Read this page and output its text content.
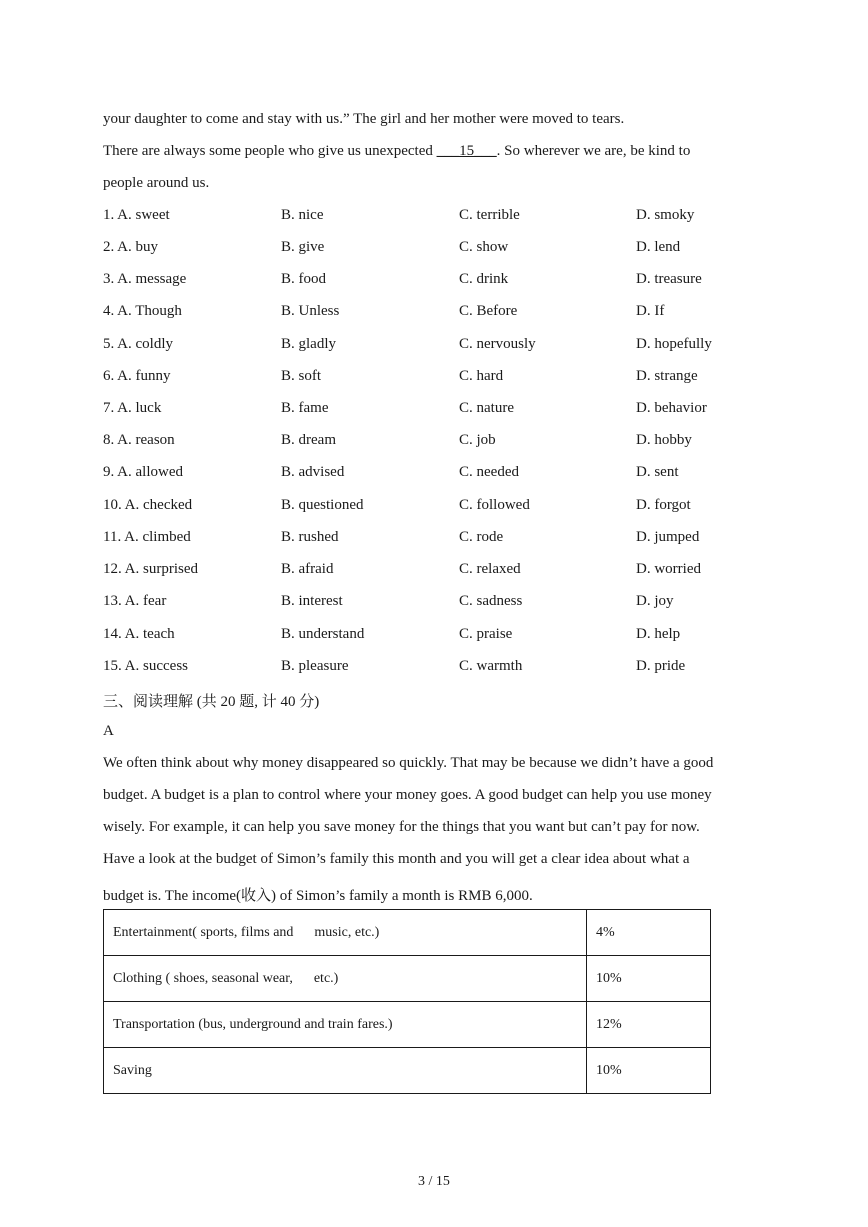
your daughter to come and stay with us.” The girl and her mother were moved to tears.
There are always some people who give us unexpected ___15___. So wherever we are, be kind to
people around us.
1. A. sweet	B. nice	C. terrible	D. smoky
2. A. buy	B. give	C. show	D. lend
3. A. message	B. food	C. drink	D. treasure
4. A. Though	B. Unless	C. Before	D. If
5. A. coldly	B. gladly	C. nervously	D. hopefully
6. A. funny	B. soft	C. hard	D. strange
7. A. luck	B. fame	C. nature	D. behavior
8. A. reason	B. dream	C. job	D. hobby
9. A. allowed	B. advised	C. needed	D. sent
10. A. checked	B. questioned	C. followed	D. forgot
11. A. climbed	B. rushed	C. rode	D. jumped
12. A. surprised	B. afraid	C. relaxed	D. worried
13. A. fear	B. interest	C. sadness	D. joy
14. A. teach	B. understand	C. praise	D. help
15. A. success	B. pleasure	C. warmth	D. pride
三、阅读理解 (共 20 题, 计 40 分)
A
We often think about why money disappeared so quickly. That may be because we didn’t have a good
budget. A budget is a plan to control where your money goes. A good budget can help you use money
wisely. For example, it can help you save money for the things that you want but can’t pay for now.
Have a look at the budget of Simon’s family this month and you will get a clear idea about what a
budget is. The income(收入) of Simon’s family a month is RMB 6,000.
Entertainment( sports, films and      music, etc.)	4%
Clothing ( shoes, seasonal wear,      etc.)	10%
Transportation (bus, underground and train fares.)	12%
Saving	10%
3 / 15
